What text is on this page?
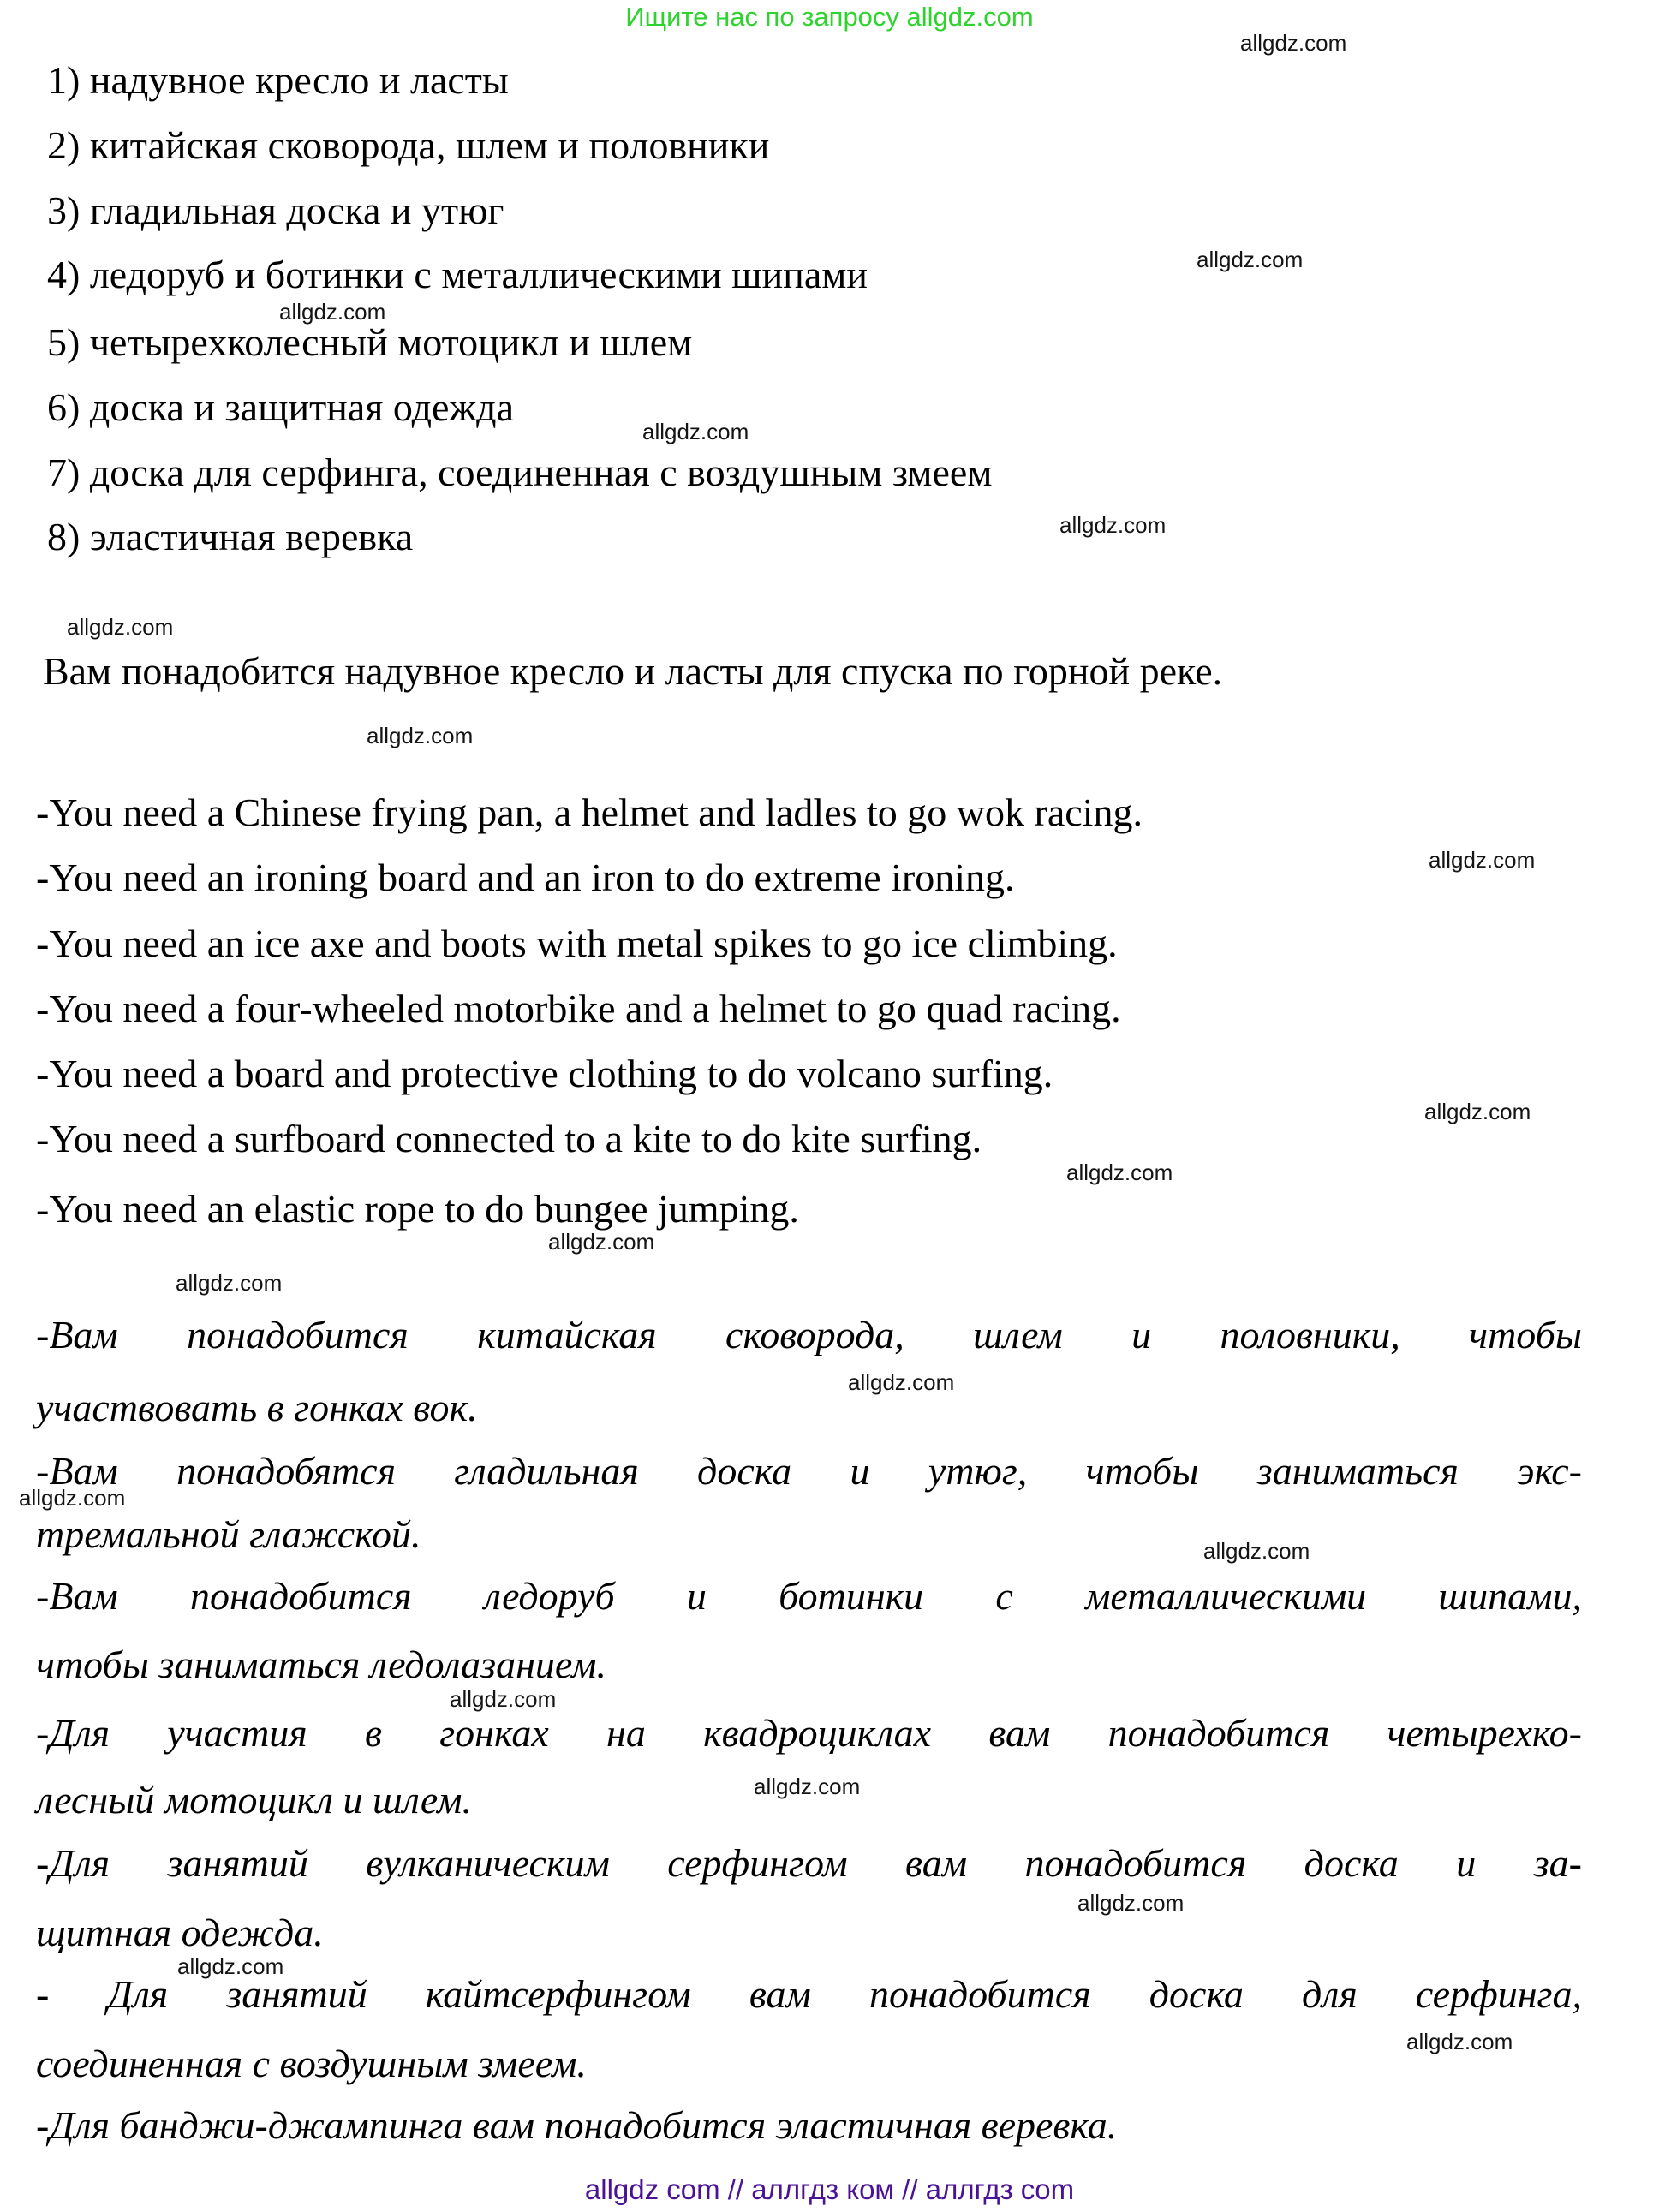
Ищите нас по запросу allgdz.com
allgdz.com
allgdz.com
allgdz.com
allgdz.com
allgdz.com
allgdz.com
allgdz.com
allgdz.com
allgdz.com
allgdz.com
allgdz.com
allgdz.com
allgdz.com
allgdz.com
allgdz.com
allgdz.com
allgdz.com
allgdz.com
allgdz.com
allgdz.com
1) надувное кресло и ласты
2) китайская сковорода, шлем и половники
3) гладильная доска и утюг
4) ледоруб и ботинки с металлическими шипами
5) четырехколесный мотоцикл и шлем
6) доска и защитная одежда
7) доска для серфинга, соединенная с воздушным змеем
8) эластичная веревка
Вам понадобится надувное кресло и ласты для спуска по горной реке.
-You need a Chinese frying pan, a helmet and ladles to go wok racing.
-You need an ironing board and an iron to do extreme ironing.
-You need an ice axe and boots with metal spikes to go ice climbing.
-You need a four-wheeled motorbike and a helmet to go quad racing.
-You need a board and protective clothing to do volcano surfing.
-You need a surfboard connected to a kite to do kite surfing.
-You need an elastic rope to do bungee jumping.
-Вам понадобится китайская сковорода, шлем и половники, чтобы
участвовать в гонках вок.
-Вам понадобятся гладильная доска и утюг, чтобы заниматься экс-
тремальной глажской.
-Вам понадобится ледоруб и ботинки с металлическими шипами,
чтобы заниматься ледолазанием.
-Для участия в гонках на квадроциклах вам понадобится четырехко-
лесный мотоцикл и шлем.
-Для занятий вулканическим серфингом вам понадобится доска и за-
щитная одежда.
- Для занятий кайтсерфингом вам понадобится доска для серфинга,
соединенная с воздушным змеем.
-Для банджи-джампинга вам понадобится эластичная веревка.
allgdz com // аллгдз ком // аллгдз com
